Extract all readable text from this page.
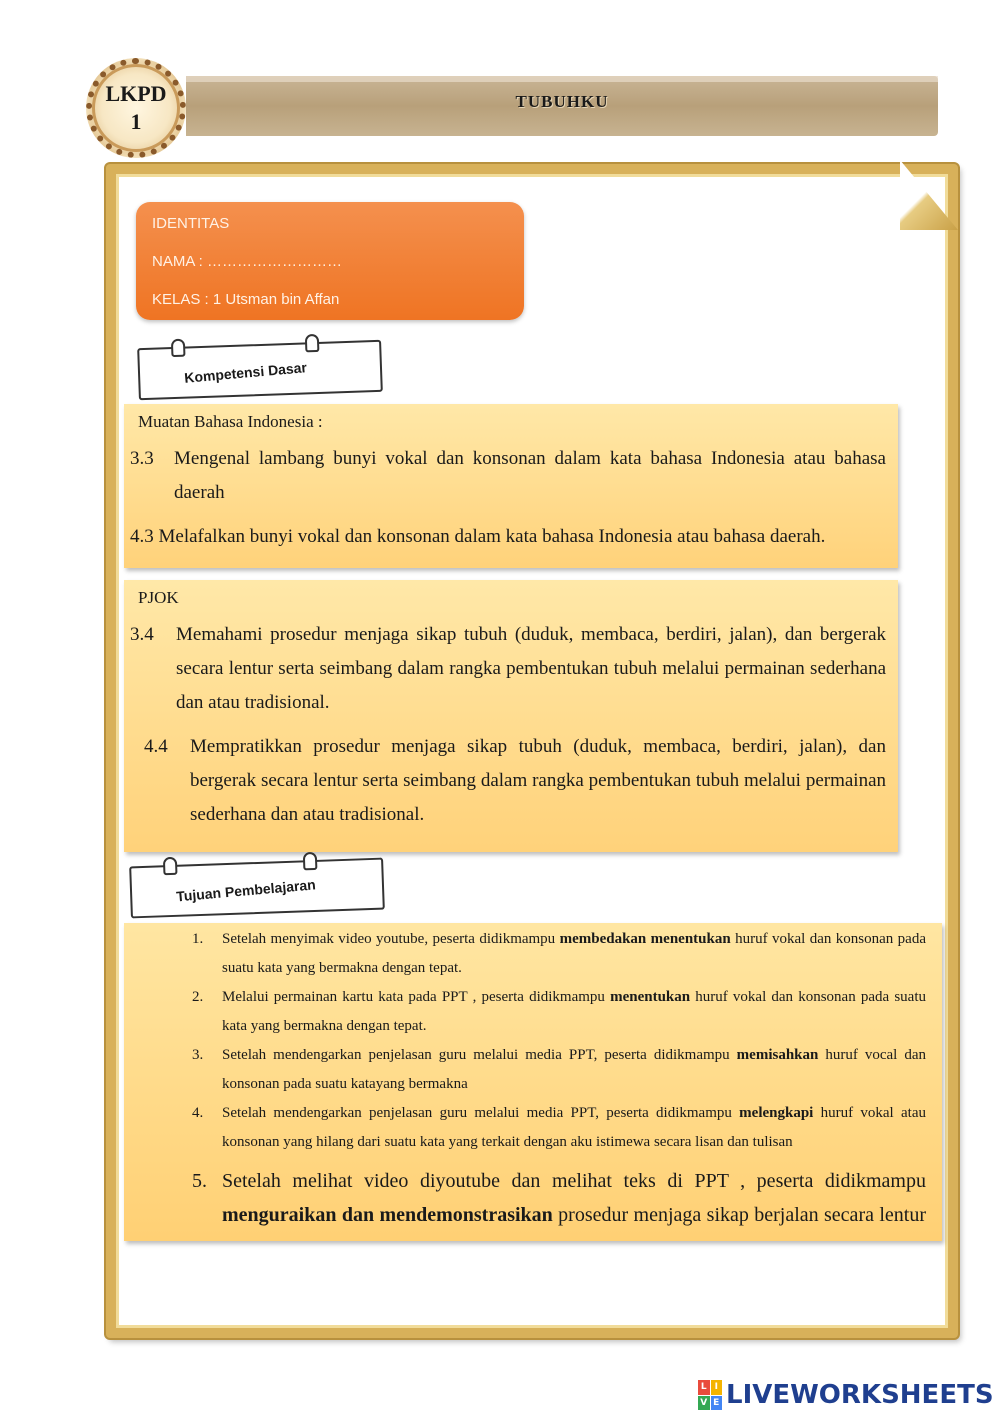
LKPD
1
TUBUHKU
IDENTITAS
NAMA : ………………………
KELAS : 1 Utsman bin Affan
Kompetensi Dasar
Muatan Bahasa Indonesia :
3.3 Mengenal lambang bunyi vokal dan konsonan dalam kata bahasa Indonesia atau bahasa daerah
4.3 Melafalkan bunyi vokal dan konsonan dalam kata bahasa Indonesia atau bahasa daerah.
PJOK
3.4 Memahami prosedur menjaga sikap tubuh (duduk, membaca, berdiri, jalan), dan bergerak secara lentur serta seimbang dalam rangka pembentukan tubuh melalui permainan sederhana dan atau tradisional.
4.4 Mempratikkan prosedur menjaga sikap tubuh (duduk, membaca, berdiri, jalan), dan bergerak secara lentur serta seimbang dalam rangka pembentukan tubuh melalui permainan sederhana dan atau tradisional.
Tujuan Pembelajaran
1. Setelah menyimak video youtube, peserta didikmampu membedakan menentukan huruf vokal dan konsonan pada suatu kata yang bermakna dengan tepat.
2. Melalui permainan kartu kata pada PPT , peserta didikmampu menentukan huruf vokal dan konsonan pada suatu kata yang bermakna dengan tepat.
3. Setelah mendengarkan penjelasan guru melalui media PPT, peserta didikmampu memisahkan huruf vocal dan konsonan pada suatu katayang bermakna
4. Setelah mendengarkan penjelasan guru melalui media PPT, peserta didikmampu melengkapi huruf vokal atau konsonan yang hilang dari suatu kata yang terkait dengan aku istimewa secara lisan dan tulisan
5. Setelah melihat video diyoutube dan melihat teks di PPT , peserta didikmampu menguraikan dan mendemonstrasikan prosedur menjaga sikap berjalan secara lentur
L I
V E LIVEWORKSHEETS
